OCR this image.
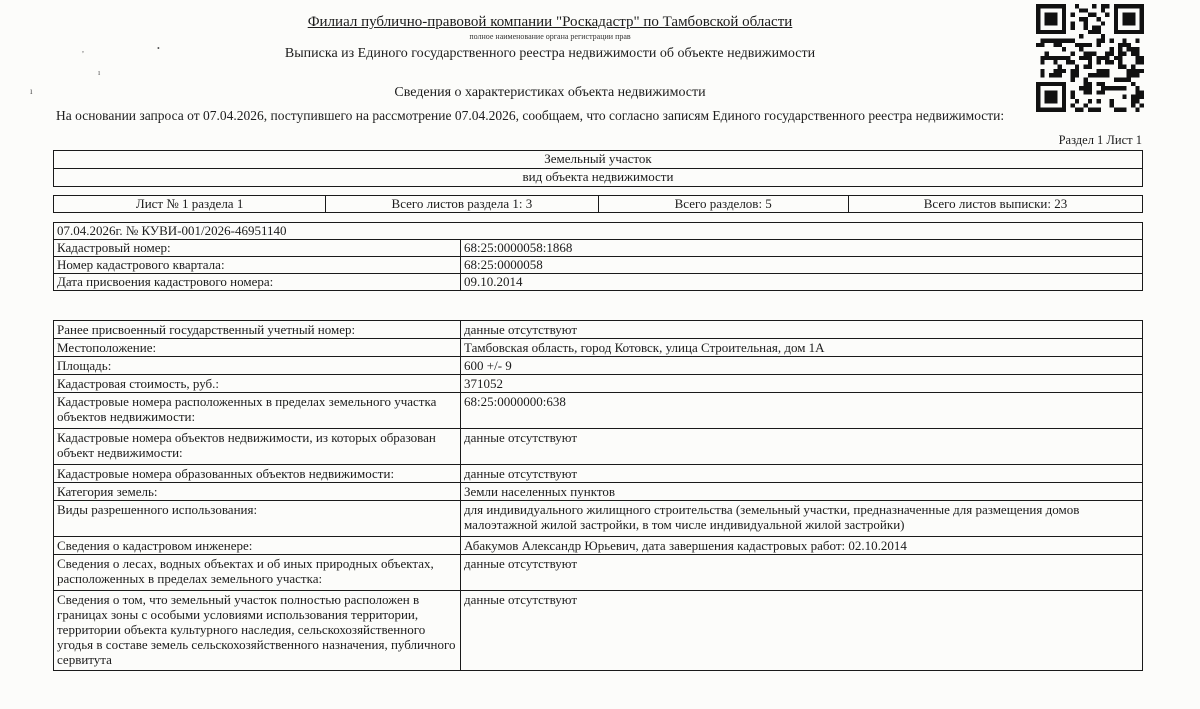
Филиал публично-правовой компании "Роскадастр" по Тамбовской области
полное наименование органа регистрации прав
Выписка из Единого государственного реестра недвижимости об объекте недвижимости
,	•
ı
ı	Сведения о характеристиках объекта недвижимости
На основании запроса от 07.04.2026, поступившего на рассмотрение 07.04.2026, сообщаем, что согласно записям Единого государственного реестра недвижимости:
Раздел 1 Лист 1
Земельный участок
вид объекта недвижимости
Лист № 1 раздела 1	Всего листов раздела 1: 3	Всего разделов: 5	Всего листов выписки: 23
07.04.2026г. № КУВИ-001/2026-46951140	
Кадастровый номер:	68:25:0000058:1868
Номер кадастрового квартала:	68:25:0000058
Дата присвоения кадастрового номера:	09.10.2014
Ранее присвоенный государственный учетный номер:	данные отсутствуют
Местоположение:	Тамбовская область, город Котовск, улица Строительная, дом 1А
Площадь:	600 +/- 9
Кадастровая стоимость, руб.:	371052
Кадастровые номера расположенных в пределах земельного участка объектов недвижимости:	68:25:0000000:638
Кадастровые номера объектов недвижимости, из которых образован объект недвижимости:	данные отсутствуют
Кадастровые номера образованных объектов недвижимости:	данные отсутствуют
Категория земель:	Земли населенных пунктов
Виды разрешенного использования:	для индивидуального жилищного строительства (земельный участки, предназначенные для размещения домов малоэтажной жилой застройки, в том числе индивидуальной жилой застройки)
Сведения о кадастровом инженере:	Абакумов Александр Юрьевич, дата завершения кадастровых работ: 02.10.2014
Сведения о лесах, водных объектах и об иных природных объектах, расположенных в пределах земельного участка:	данные отсутствуют
Сведения о том, что земельный участок полностью расположен в границах зоны с особыми условиями использования территории, территории объекта культурного наследия, сельскохозяйственного угодья в составе земель сельскохозяйственного назначения, публичного сервитута	данные отсутствуют
